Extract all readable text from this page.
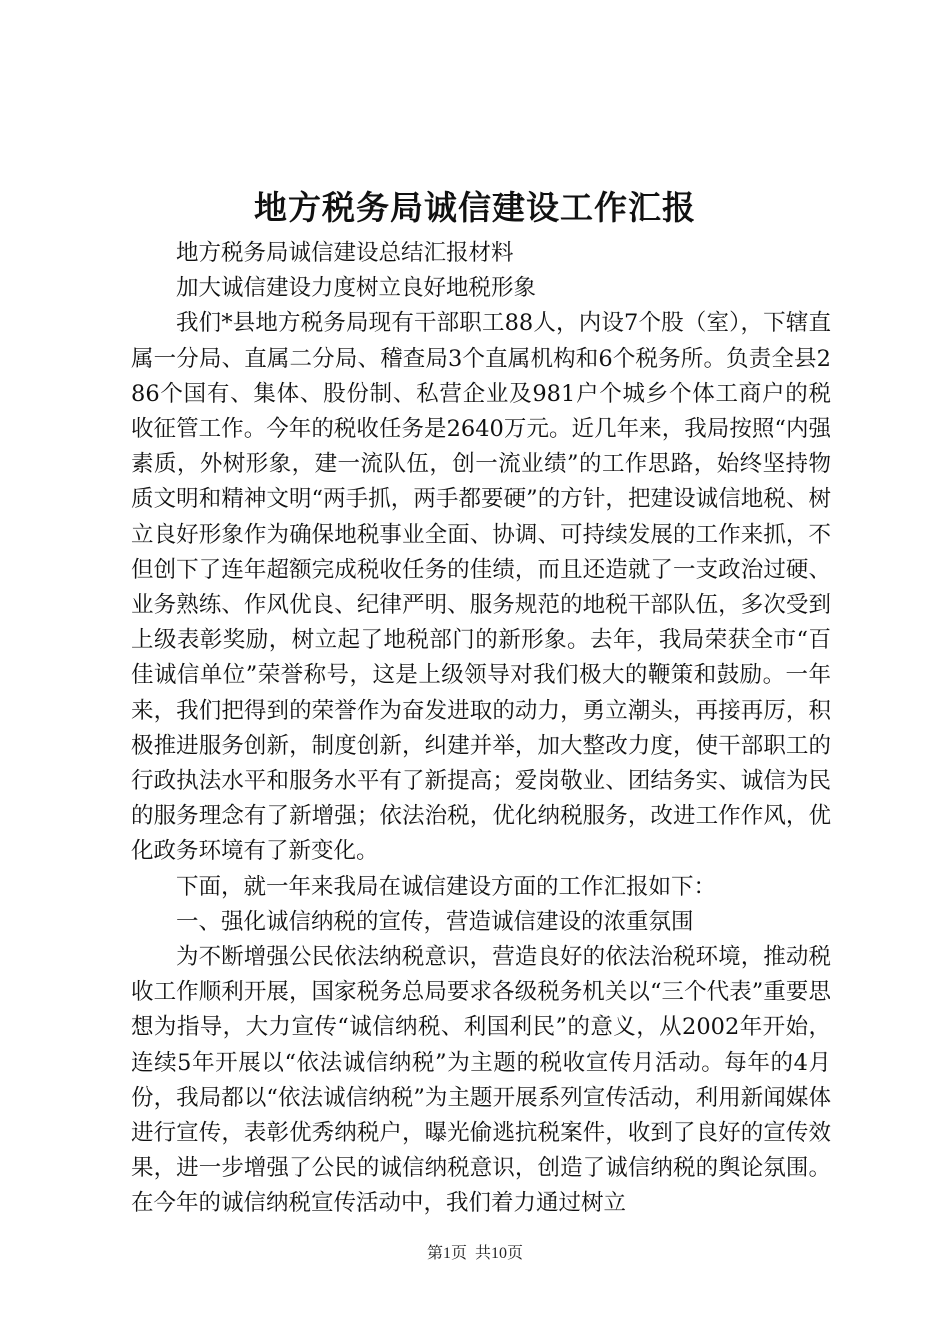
地方税务局诚信建设工作汇报

地方税务局诚信建设总结汇报材料

加大诚信建设力度树立良好地税形象

我们*县地方税务局现有干部职工88人，内设7个股（室），下辖直属一分局、直属二分局、稽查局3个直属机构和6个税务所。负责全县286个国有、集体、股份制、私营企业及981户个城乡个体工商户的税收征管工作。今年的税收任务是2640万元。近几年来，我局按照“内强素质，外树形象，建一流队伍，创一流业绩”的工作思路，始终坚持物质文明和精神文明“两手抓，两手都要硬”的方针，把建设诚信地税、树立良好形象作为确保地税事业全面、协调、可持续发展的工作来抓，不但创下了连年超额完成税收任务的佳绩，而且还造就了一支政治过硬、业务熟练、作风优良、纪律严明、服务规范的地税干部队伍，多次受到上级表彰奖励，树立起了地税部门的新形象。去年，我局荣获全市“百佳诚信单位”荣誉称号，这是上级领导对我们极大的鞭策和鼓励。一年来，我们把得到的荣誉作为奋发进取的动力，勇立潮头，再接再厉，积极推进服务创新，制度创新，纠建并举，加大整改力度，使干部职工的行政执法水平和服务水平有了新提高；爱岗敬业、团结务实、诚信为民的服务理念有了新增强；依法治税，优化纳税服务，改进工作作风，优化政务环境有了新变化。

下面，就一年来我局在诚信建设方面的工作汇报如下：

一、强化诚信纳税的宣传，营造诚信建设的浓重氛围

为不断增强公民依法纳税意识，营造良好的依法治税环境，推动税收工作顺利开展，国家税务总局要求各级税务机关以“三个代表”重要思想为指导，大力宣传“诚信纳税、利国利民”的意义，从2002年开始，连续5年开展以“依法诚信纳税”为主题的税收宣传月活动。每年的4月份，我局都以“依法诚信纳税”为主题开展系列宣传活动，利用新闻媒体进行宣传，表彰优秀纳税户，曝光偷逃抗税案件，收到了良好的宣传效果，进一步增强了公民的诚信纳税意识，创造了诚信纳税的舆论氛围。在今年的诚信纳税宣传活动中，我们着力通过树立

第1页 共10页
